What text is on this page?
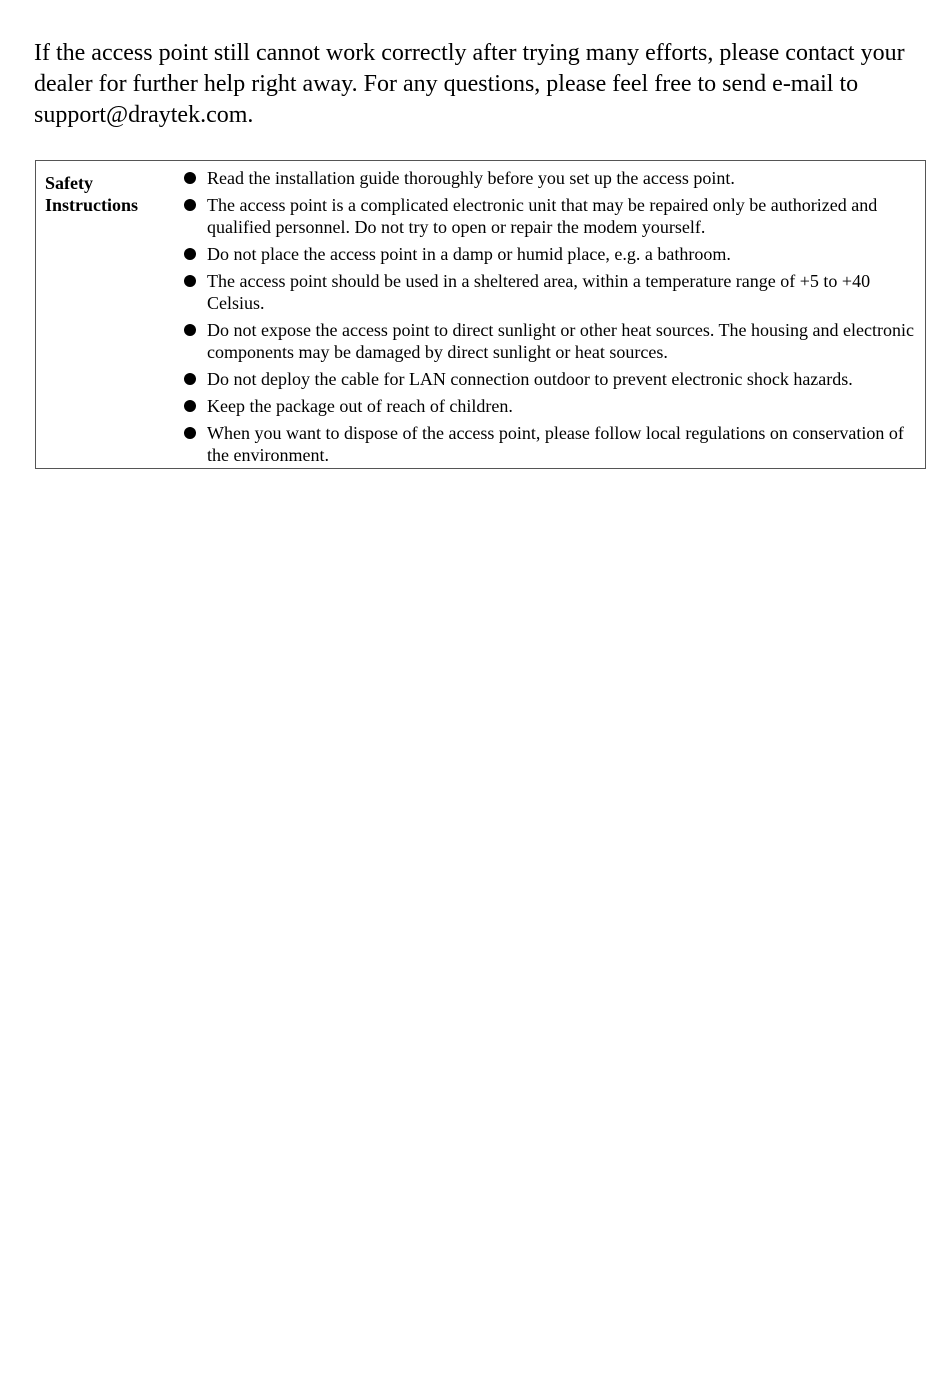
If the access point still cannot work correctly after trying many efforts, please contact your dealer for further help right away. For any questions, please feel free to send e-mail to support@draytek.com.

Safety
Instructions

Read the installation guide thoroughly before you set up the access point.
The access point is a complicated electronic unit that may be repaired only be authorized and qualified personnel. Do not try to open or repair the modem yourself.
Do not place the access point in a damp or humid place, e.g. a bathroom.
The access point should be used in a sheltered area, within a temperature range of +5 to +40 Celsius.
Do not expose the access point to direct sunlight or other heat sources. The housing and electronic components may be damaged by direct sunlight or heat sources.
Do not deploy the cable for LAN connection outdoor to prevent electronic shock hazards.
Keep the package out of reach of children.
When you want to dispose of the access point, please follow local regulations on conservation of the environment.
